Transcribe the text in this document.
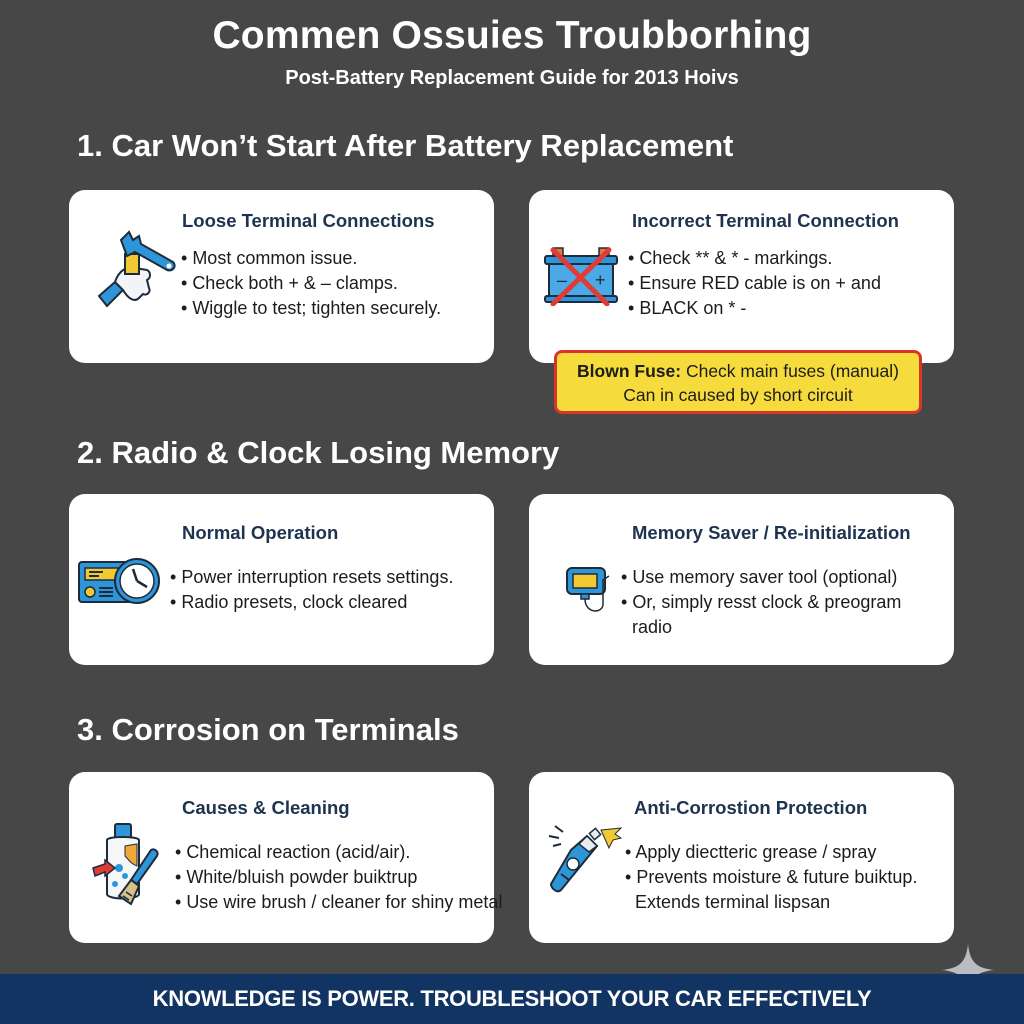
Commen Ossuies Troubborhing
Post-Battery Replacement Guide for 2013 Hoivs
1. Car Won’t Start After Battery Replacement
Loose Terminal Connections
• Most common issue.
• Check both + & – clamps.
• Wiggle to test; tighten securely.
– +
Incorrect Terminal Connection
• Check ** & * - markings.
• Ensure RED cable is on + and
• BLACK on * -
Blown Fuse: Check main fuses (manual)
Can in caused by short circuit
2. Radio & Clock Losing Memory
Normal Operation
• Power interruption resets settings.
• Radio presets, clock cleared
Memory Saver / Re-initialization
• Use memory saver tool (optional)
• Or, simply resst clock & preogram
radio
3. Corrosion on Terminals
Causes & Cleaning
• Chemical reaction (acid/air).
• White/bluish powder buiktrup
• Use wire brush / cleaner for shiny metal
Anti-Corrostion Protection
• Apply diectteric grease / spray
• Prevents moisture & future buiktup.
Extends terminal lispsan
KNOWLEDGE IS POWER. TROUBLESHOOT YOUR CAR EFFECTIVELY
